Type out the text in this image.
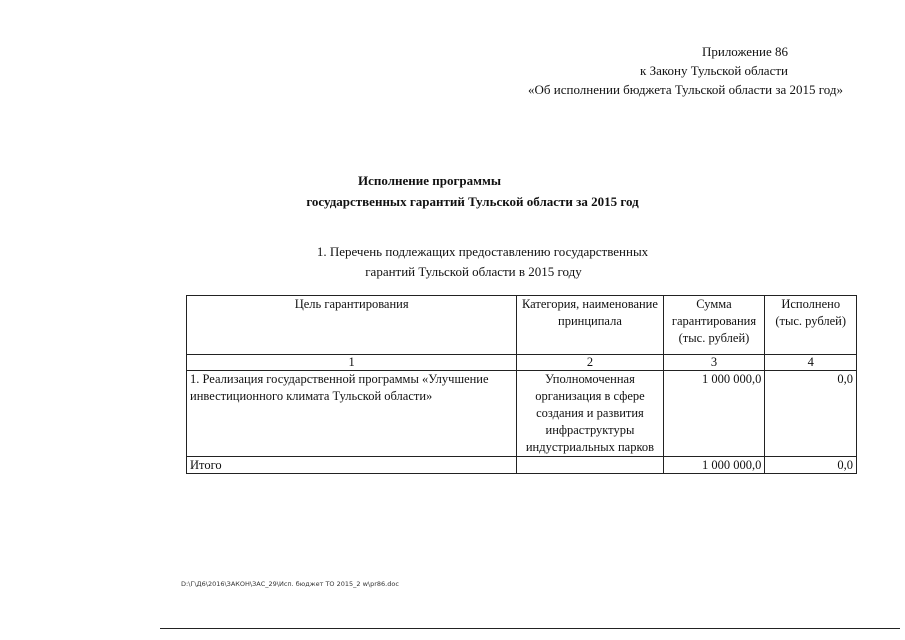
Приложение 86
к Закону Тульской области
«Об исполнении бюджета Тульской области за 2015 год»
Исполнение программы
государственных гарантий Тульской области за 2015 год
1. Перечень подлежащих предоставлению государственных
гарантий Тульской области в 2015 году
Цель гарантирования	Категория, наименование принципала	Сумма гарантирования (тыс. рублей)	Исполнено (тыс. рублей)
1	2	3	4
1. Реализация государственной программы «Улучшение инвестиционного климата Тульской области»	Уполномоченная организация в сфере создания и развития инфраструктуры индустриальных парков	1 000 000,0	0,0
Итого		1 000 000,0	0,0
D:\Г\Д6\2016\ЗАКОН\ЗАС_29\Исп. бюджет ТО 2015_2 w\pr86.doc
